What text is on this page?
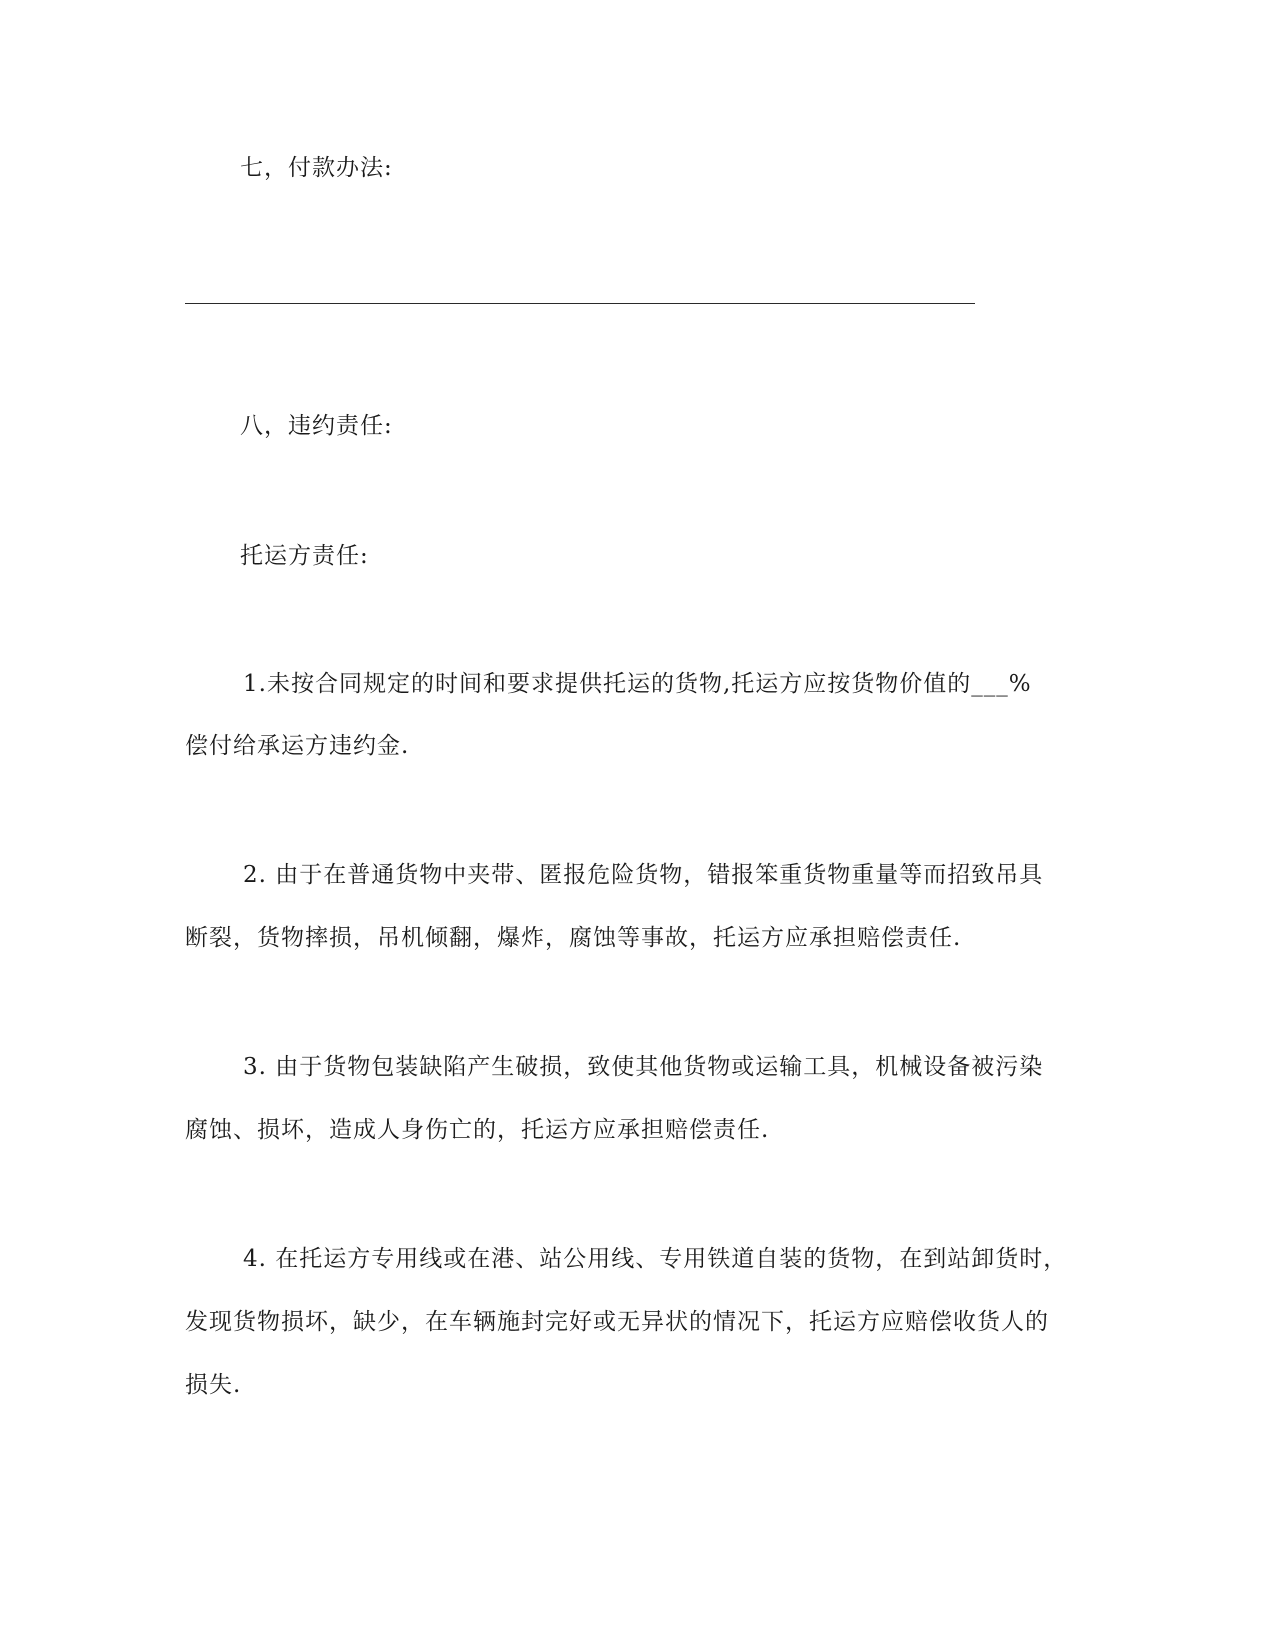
七，付款办法:
八，违约责任:
托运方责任:
1.未按合同规定的时间和要求提供托运的货物,托运方应按货物价值的___%
偿付给承运方违约金.
2. 由于在普通货物中夹带、匿报危险货物，错报笨重货物重量等而招致吊具
断裂，货物摔损，吊机倾翻，爆炸，腐蚀等事故，托运方应承担赔偿责任.
3. 由于货物包装缺陷产生破损，致使其他货物或运输工具，机械设备被污染
腐蚀、损坏，造成人身伤亡的，托运方应承担赔偿责任.
4. 在托运方专用线或在港、站公用线、专用铁道自装的货物，在到站卸货时，
发现货物损坏，缺少，在车辆施封完好或无异状的情况下，托运方应赔偿收货人的
损失.
